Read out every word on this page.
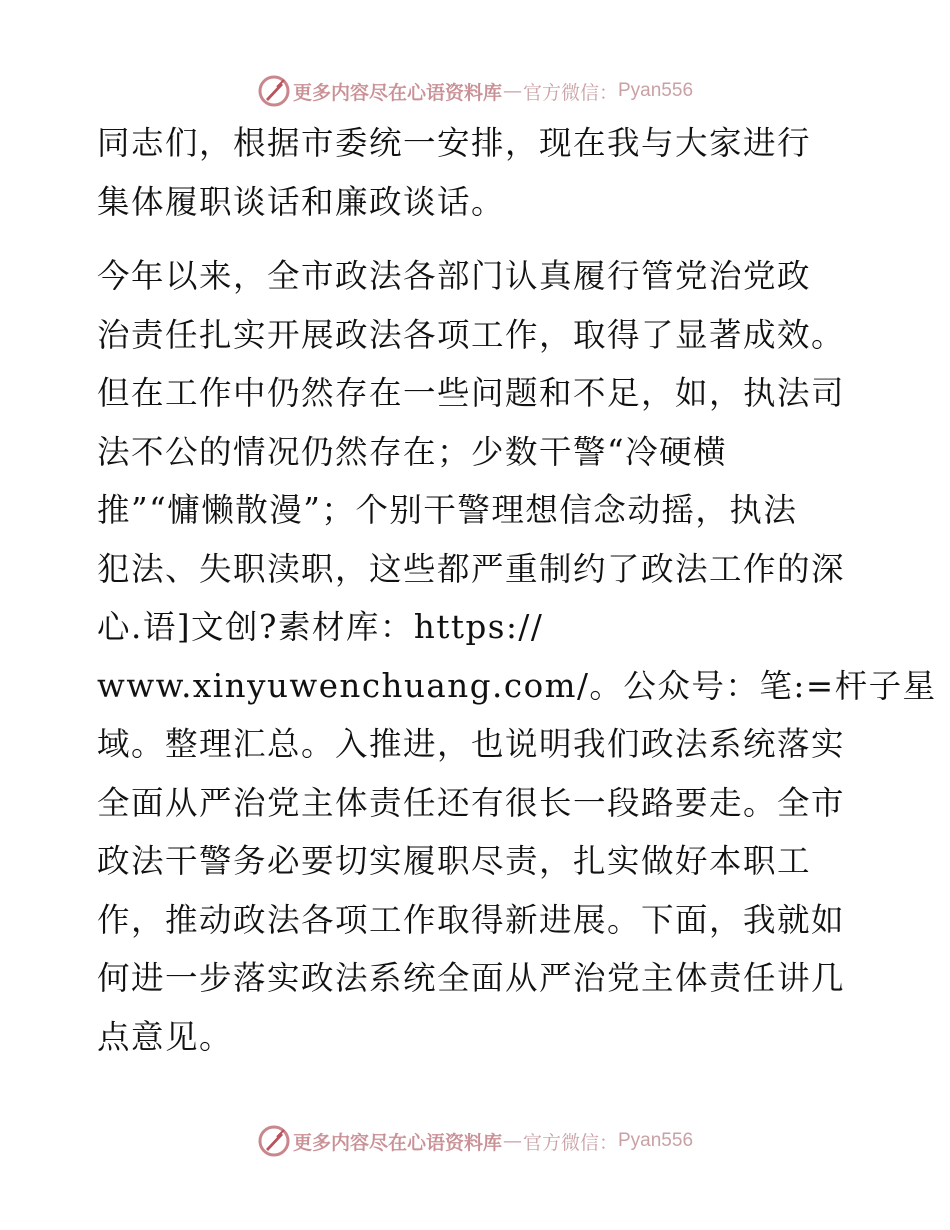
更多内容尽在心语资料库 — 官方微信： Pyan556

同志们，根据市委统一安排，现在我与大家进行
集体履职谈话和廉政谈话。

今年以来，全市政法各部门认真履行管党治党政
治责任扎实开展政法各项工作，取得了显著成效。
但在工作中仍然存在一些问题和不足，如，执法司
法不公的情况仍然存在；少数干警“冷硬横
推”“慵懒散漫”；个别干警理想信念动摇，执法
犯法、失职渎职，这些都严重制约了政法工作的深
心.语]文创?素材库：https://
www.xinyuwenchuang.com/。公众号：笔:=杆子星
域。整理汇总。入推进，也说明我们政法系统落实
全面从严治党主体责任还有很长一段路要走。全市
政法干警务必要切实履职尽责，扎实做好本职工
作，推动政法各项工作取得新进展。下面，我就如
何进一步落实政法系统全面从严治党主体责任讲几
点意见。

更多内容尽在心语资料库 — 官方微信： Pyan556
